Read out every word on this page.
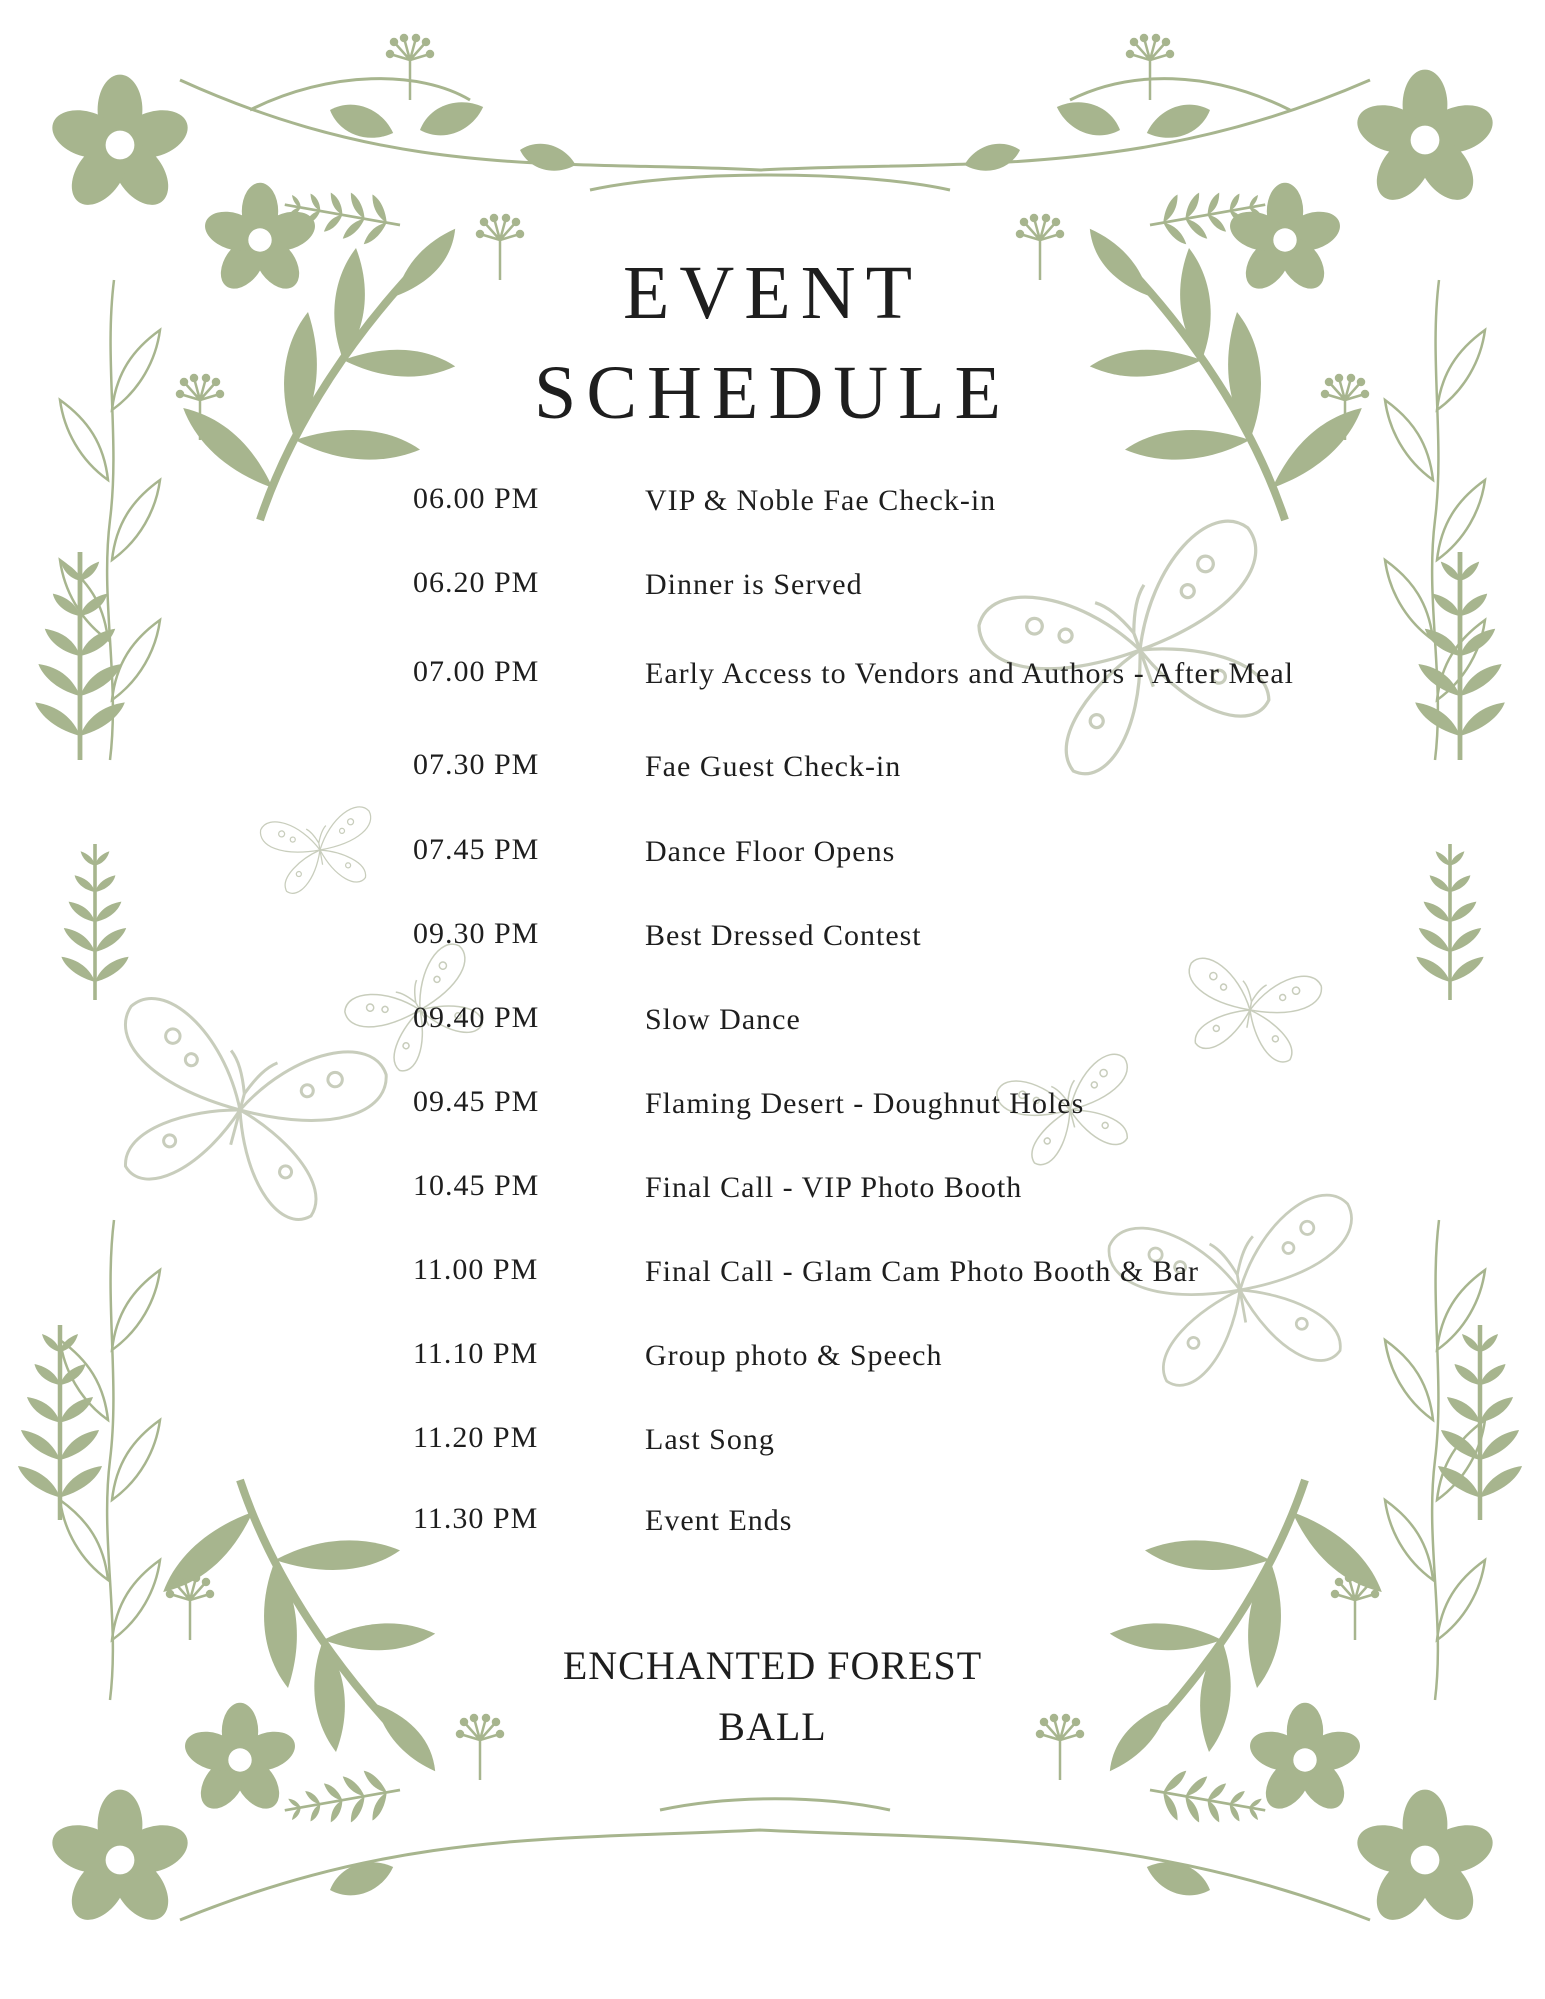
EVENT
SCHEDULE
06.00 PM	VIP & Noble Fae Check-in
06.20 PM	Dinner is Served
07.00 PM	Early Access to Vendors and Authors - After Meal
07.30 PM	Fae Guest Check-in
07.45 PM	Dance Floor Opens
09.30 PM	Best Dressed Contest
09.40 PM	Slow Dance
09.45 PM	Flaming Desert - Doughnut Holes
10.45 PM	Final Call - VIP Photo Booth
11.00 PM	Final Call - Glam Cam Photo Booth & Bar
11.10 PM	Group photo & Speech
11.20 PM	Last Song
11.30 PM	Event Ends
ENCHANTED FOREST
BALL
